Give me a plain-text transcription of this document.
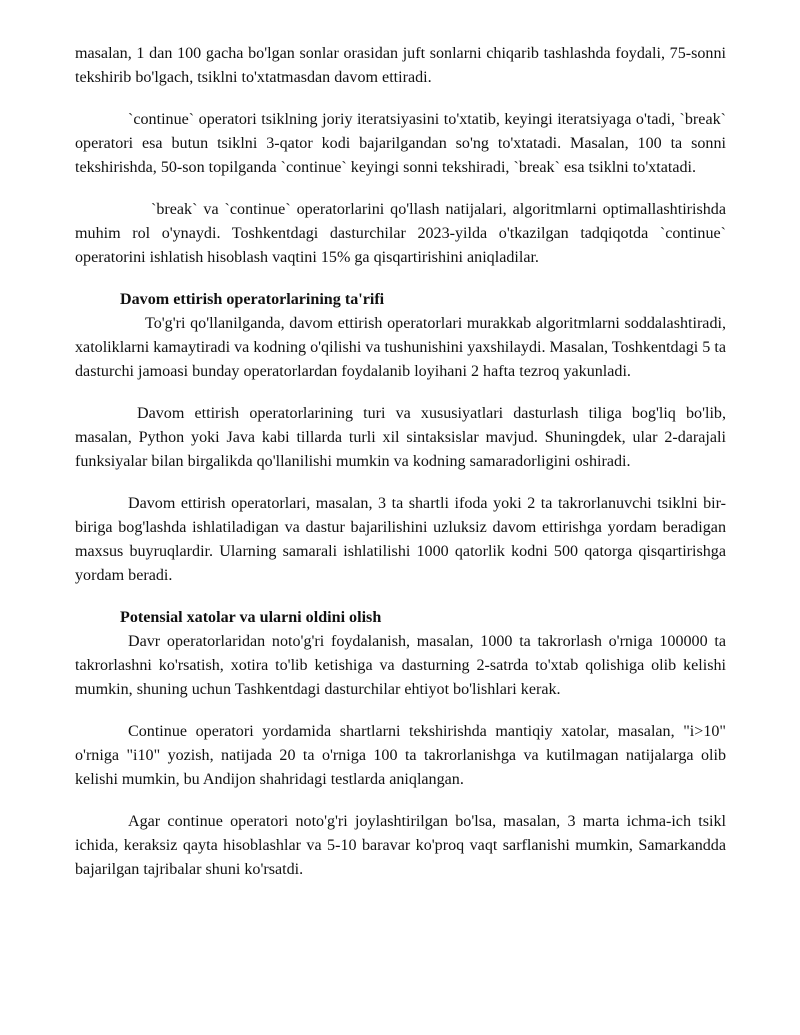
masalan, 1 dan 100 gacha bo'lgan sonlar orasidan juft sonlarni chiqarib tashlashda foydali, 75-sonni tekshirib bo'lgach, tsiklni to'xtatmasdan davom ettiradi.

`continue` operatori tsiklning joriy iteratsiyasini to'xtatib, keyingi iteratsiyaga o'tadi, `break` operatori esa butun tsiklni 3-qator kodi bajarilgandan so'ng to'xtatadi. Masalan, 100 ta sonni tekshirishda, 50-son topilganda `continue` keyingi sonni tekshiradi, `break` esa tsiklni to'xtatadi.

`break` va `continue` operatorlarini qo'llash natijalari, algoritmlarni optimallashtirishda muhim rol o'ynaydi. Toshkentdagi dasturchilar 2023-yilda o'tkazilgan tadqiqotda `continue` operatorini ishlatish hisoblash vaqtini 15% ga qisqartirishini aniqladilar.

Davom ettirish operatorlarining ta'rifi

To'g'ri qo'llanilganda, davom ettirish operatorlari murakkab algoritmlarni soddalashtiradi, xatoliklarni kamaytiradi va kodning o'qilishi va tushunishini yaxshilaydi. Masalan, Toshkentdagi 5 ta dasturchi jamoasi bunday operatorlardan foydalanib loyihani 2 hafta tezroq yakunladi.

Davom ettirish operatorlarining turi va xususiyatlari dasturlash tiliga bog'liq bo'lib, masalan, Python yoki Java kabi tillarda turli xil sintaksislar mavjud. Shuningdek, ular 2-darajali funksiyalar bilan birgalikda qo'llanilishi mumkin va kodning samaradorligini oshiradi.

Davom ettirish operatorlari, masalan, 3 ta shartli ifoda yoki 2 ta takrorlanuvchi tsiklni bir-biriga bog'lashda ishlatiladigan va dastur bajarilishini uzluksiz davom ettirishga yordam beradigan maxsus buyruqlardir. Ularning samarali ishlatilishi 1000 qatorlik kodni 500 qatorga qisqartirishga yordam beradi.

Potensial xatolar va ularni oldini olish

Davr operatorlaridan noto'g'ri foydalanish, masalan, 1000 ta takrorlash o'rniga 100000 ta takrorlashni ko'rsatish, xotira to'lib ketishiga va dasturning 2-satrda to'xtab qolishiga olib kelishi mumkin, shuning uchun Tashkentdagi dasturchilar ehtiyot bo'lishlari kerak.

Continue operatori yordamida shartlarni tekshirishda mantiqiy xatolar, masalan, "i>10" o'rniga "i10" yozish, natijada 20 ta o'rniga 100 ta takrorlanishga va kutilmagan natijalarga olib kelishi mumkin, bu Andijon shahridagi testlarda aniqlangan.

Agar continue operatori noto'g'ri joylashtirilgan bo'lsa, masalan, 3 marta ichma-ich tsikl ichida, keraksiz qayta hisoblashlar va 5-10 baravar ko'proq vaqt sarflanishi mumkin, Samarkandda bajarilgan tajribalar shuni ko'rsatdi.
